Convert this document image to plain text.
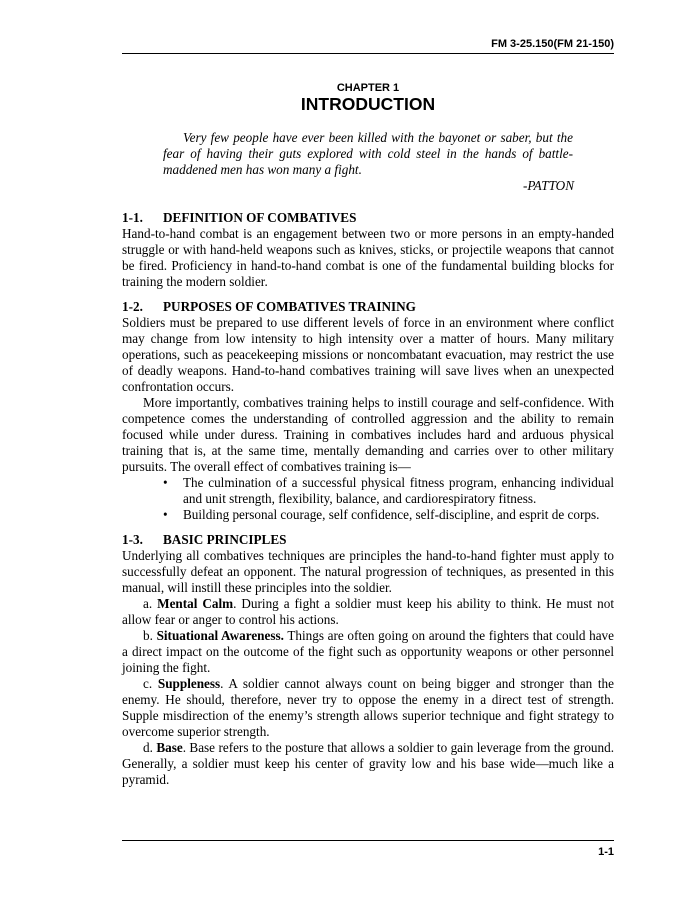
FM 3-25.150(FM 21-150)
CHAPTER 1
INTRODUCTION

Very few people have ever been killed with the bayonet or saber, but the fear of having their guts explored with cold steel in the hands of battle-maddened men has won many a fight.

-PATTON

1-1. DEFINITION OF COMBATIVES

Hand-to-hand combat is an engagement between two or more persons in an empty-handed struggle or with hand-held weapons such as knives, sticks, or projectile weapons that cannot be fired. Proficiency in hand-to-hand combat is one of the fundamental building blocks for training the modern soldier.

1-2. PURPOSES OF COMBATIVES TRAINING

Soldiers must be prepared to use different levels of force in an environment where conflict may change from low intensity to high intensity over a matter of hours. Many military operations, such as peacekeeping missions or noncombatant evacuation, may restrict the use of deadly weapons. Hand-to-hand combatives training will save lives when an unexpected confrontation occurs.

More importantly, combatives training helps to instill courage and self-confidence. With competence comes the understanding of controlled aggression and the ability to remain focused while under duress. Training in combatives includes hard and arduous physical training that is, at the same time, mentally demanding and carries over to other military pursuits. The overall effect of combatives training is—

• The culmination of a successful physical fitness program, enhancing individual and unit strength, flexibility, balance, and cardiorespiratory fitness.
• Building personal courage, self confidence, self-discipline, and esprit de corps.

1-3. BASIC PRINCIPLES

Underlying all combatives techniques are principles the hand-to-hand fighter must apply to successfully defeat an opponent. The natural progression of techniques, as presented in this manual, will instill these principles into the soldier.

a. Mental Calm. During a fight a soldier must keep his ability to think. He must not allow fear or anger to control his actions.

b. Situational Awareness. Things are often going on around the fighters that could have a direct impact on the outcome of the fight such as opportunity weapons or other personnel joining the fight.

c. Suppleness. A soldier cannot always count on being bigger and stronger than the enemy. He should, therefore, never try to oppose the enemy in a direct test of strength. Supple misdirection of the enemy’s strength allows superior technique and fight strategy to overcome superior strength.

d. Base. Base refers to the posture that allows a soldier to gain leverage from the ground. Generally, a soldier must keep his center of gravity low and his base wide—much like a pyramid.

1-1
